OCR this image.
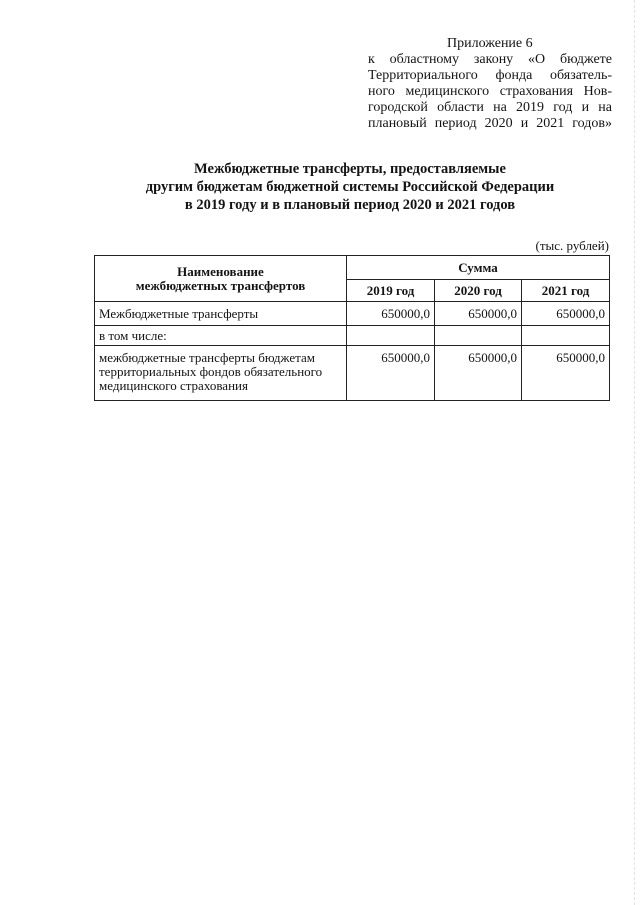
Приложение 6
к областному закону «О бюджете
Территориального фонда обязатель-
ного медицинского страхования Нов-
городской области на 2019 год и на
плановый период 2020 и 2021 годов»
Межбюджетные трансферты, предоставляемые
другим бюджетам бюджетной системы Российской Федерации
в 2019 году и в плановый период 2020 и 2021 годов
(тыс. рублей)
Наименование
межбюджетных трансфертов	Сумма		
	2019 год	2020 год	2021 год
Межбюджетные трансферты	650000,0	650000,0	650000,0
в том числе:			
межбюджетные трансферты бюджетам территориальных фондов обязательного медицинского страхования	650000,0	650000,0	650000,0
